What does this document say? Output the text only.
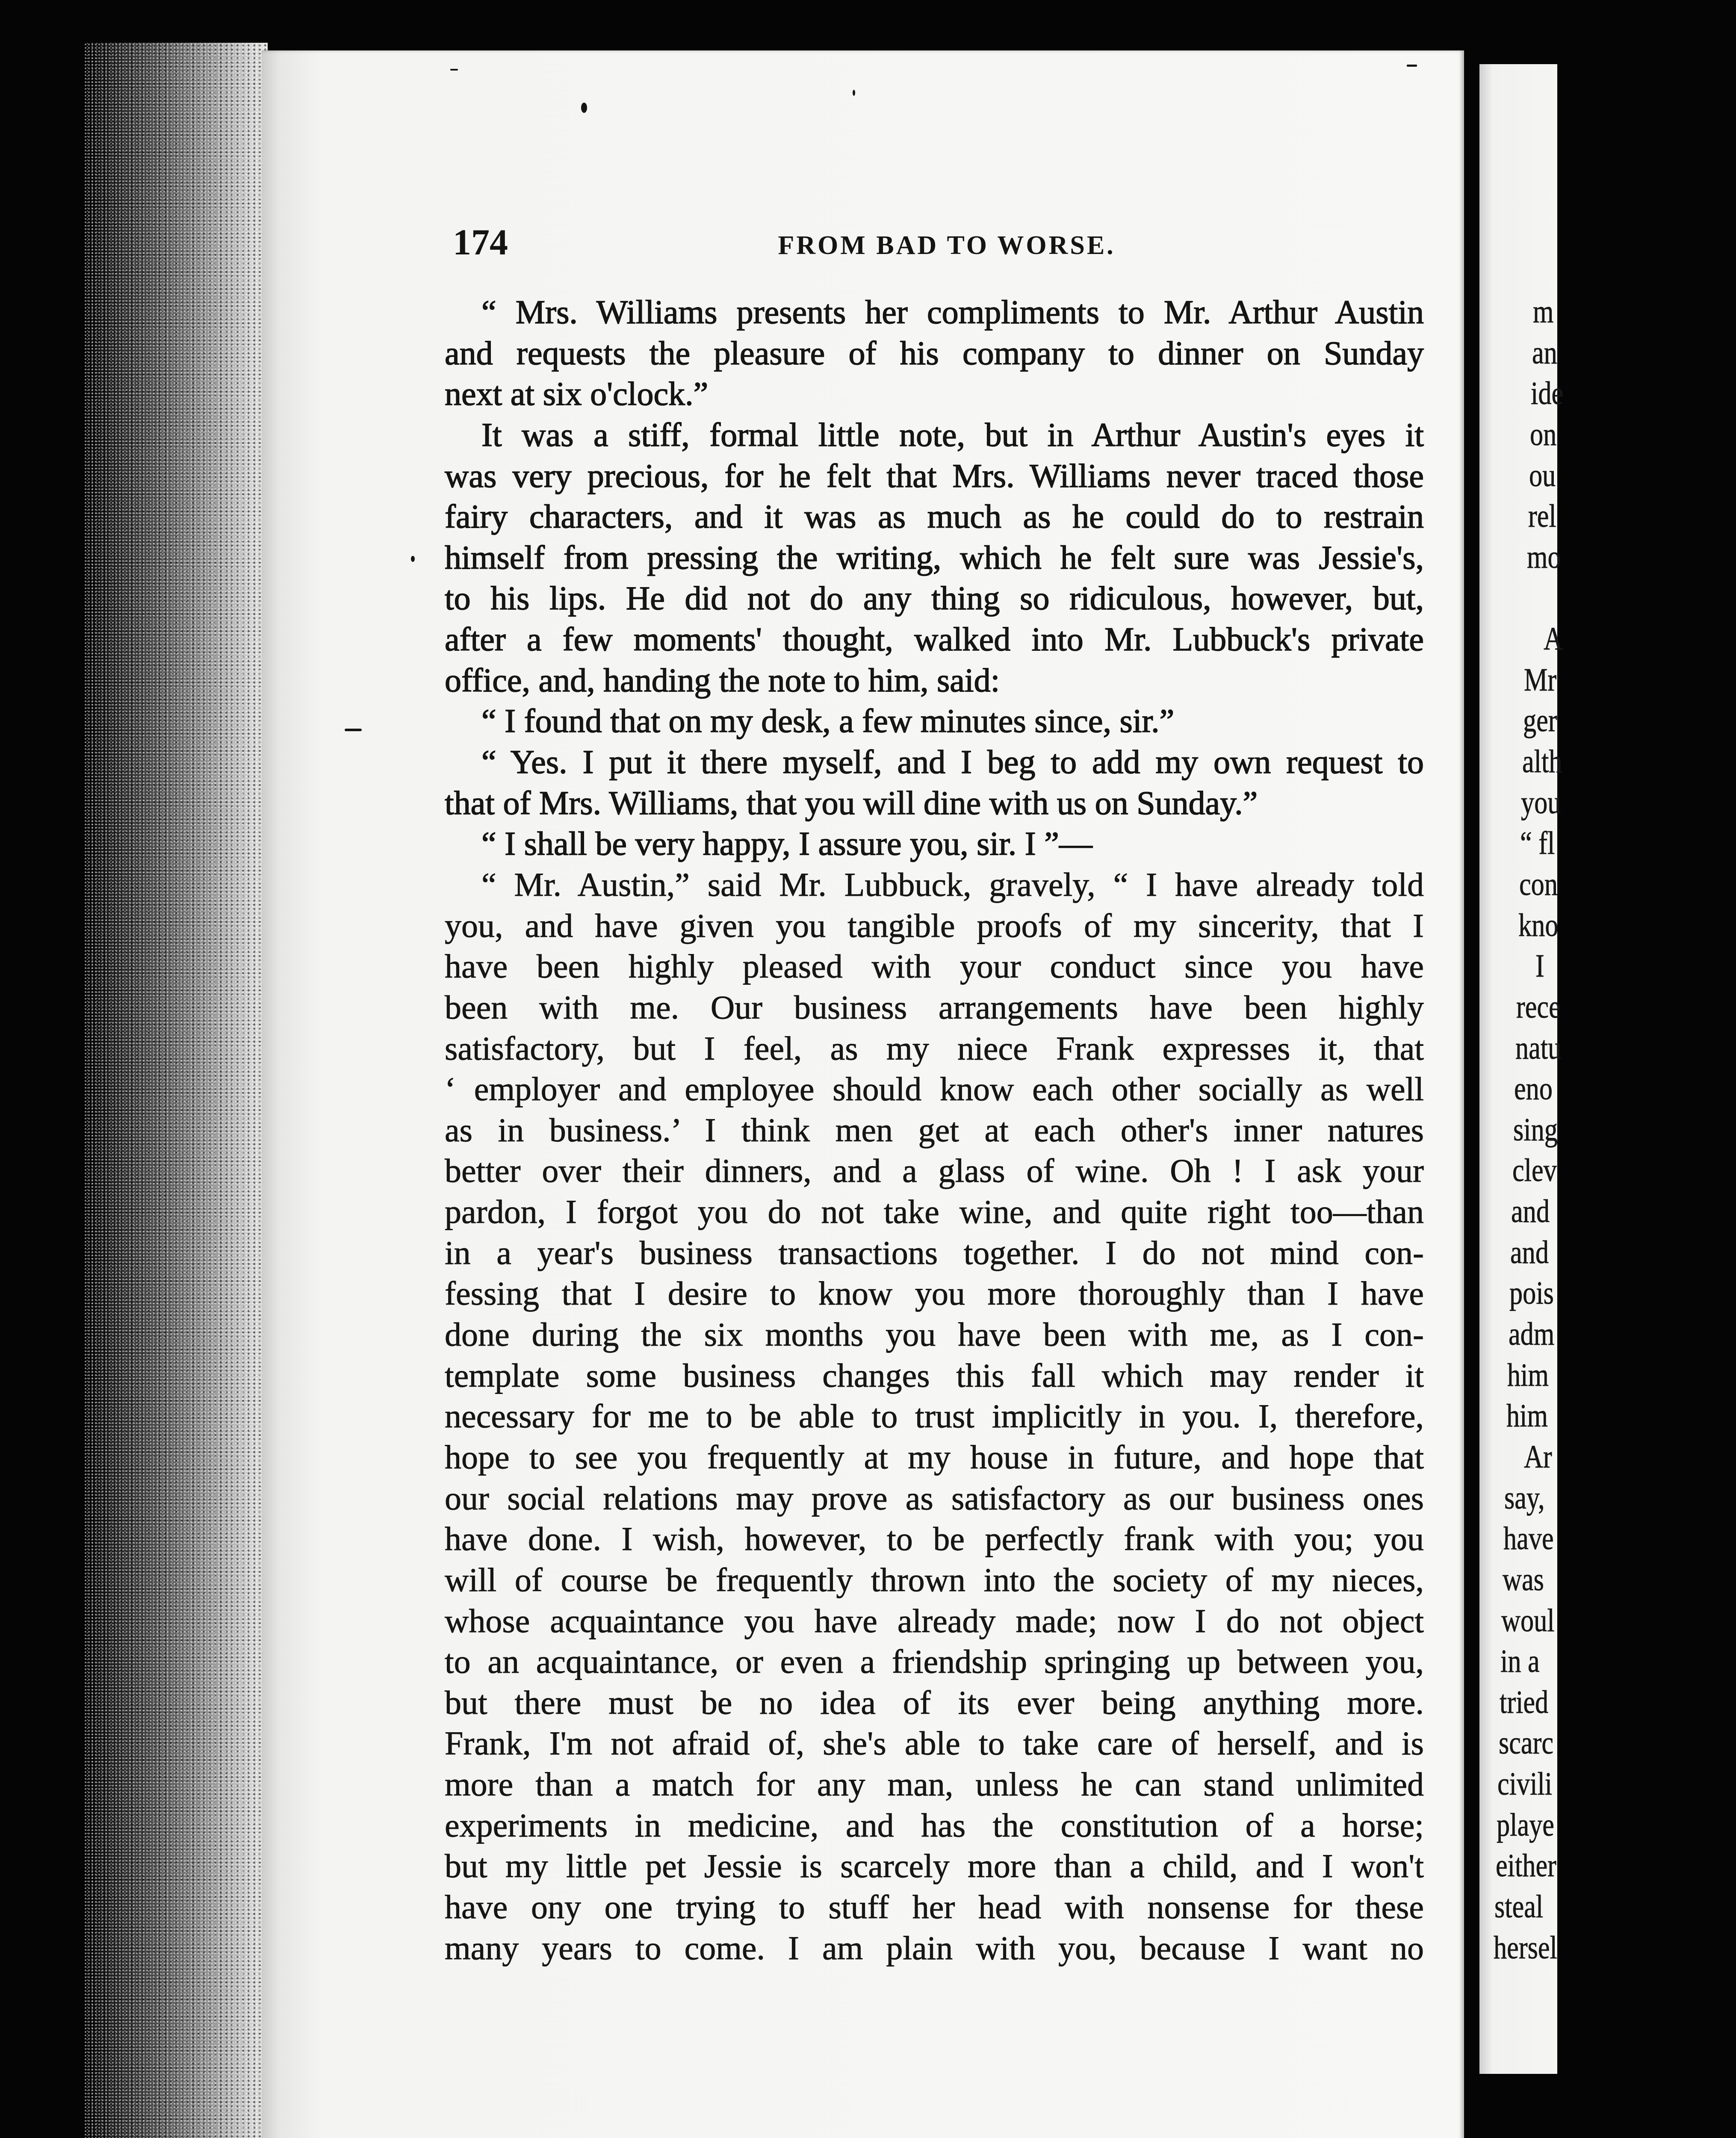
174	FROM BAD TO WORSE.
“ Mrs. Williams presents her compliments to Mr. Arthur Austin
and requests the pleasure of his company to dinner on Sunday
next at six o'clock.”
It was a stiff, formal little note, but in Arthur Austin's eyes it
was very precious, for he felt that Mrs. Williams never traced those
fairy characters, and it was as much as he could do to restrain
himself from pressing the writing, which he felt sure was Jessie's,
to his lips. He did not do any thing so ridiculous, however, but,
after a few moments' thought, walked into Mr. Lubbuck's private
office, and, handing the note to him, said:
“ I found that on my desk, a few minutes since, sir.”
“ Yes. I put it there myself, and I beg to add my own request to
that of Mrs. Williams, that you will dine with us on Sunday.”
“ I shall be very happy, I assure you, sir. I ”—
“ Mr. Austin,” said Mr. Lubbuck, gravely, “ I have already told
you, and have given you tangible proofs of my sincerity, that I
have been highly pleased with your conduct since you have
been with me. Our business arrangements have been highly
satisfactory, but I feel, as my niece Frank expresses it, that
‘ employer and employee should know each other socially as well
as in business.’ I think men get at each other's inner natures
better over their dinners, and a glass of wine. Oh ! I ask your
pardon, I forgot you do not take wine, and quite right too—than
in a year's business transactions together. I do not mind con-
fessing that I desire to know you more thoroughly than I have
done during the six months you have been with me, as I con-
template some business changes this fall which may render it
necessary for me to be able to trust implicitly in you. I, therefore,
hope to see you frequently at my house in future, and hope that
our social relations may prove as satisfactory as our business ones
have done. I wish, however, to be perfectly frank with you; you
will of course be frequently thrown into the society of my nieces,
whose acquaintance you have already made; now I do not object
to an acquaintance, or even a friendship springing up between you,
but there must be no idea of its ever being anything more.
Frank, I'm not afraid of, she's able to take care of herself, and is
more than a match for any man, unless he can stand unlimited
experiments in medicine, and has the constitution of a horse;
but my little pet Jessie is scarcely more than a child, and I won't
have ony one trying to stuff her head with nonsense for these
many years to come. I am plain with you, because I want no
m
an
ide
on
ou
rel
mo
A
Mr
ger
alth
you
“ fl
con
kno
I
rece
natu
eno
sing
clev
and
and
pois
adm
him
him
Ar
say,
have
was
woul
in a
tried
scarc
civili
playe
either
steal
hersel
